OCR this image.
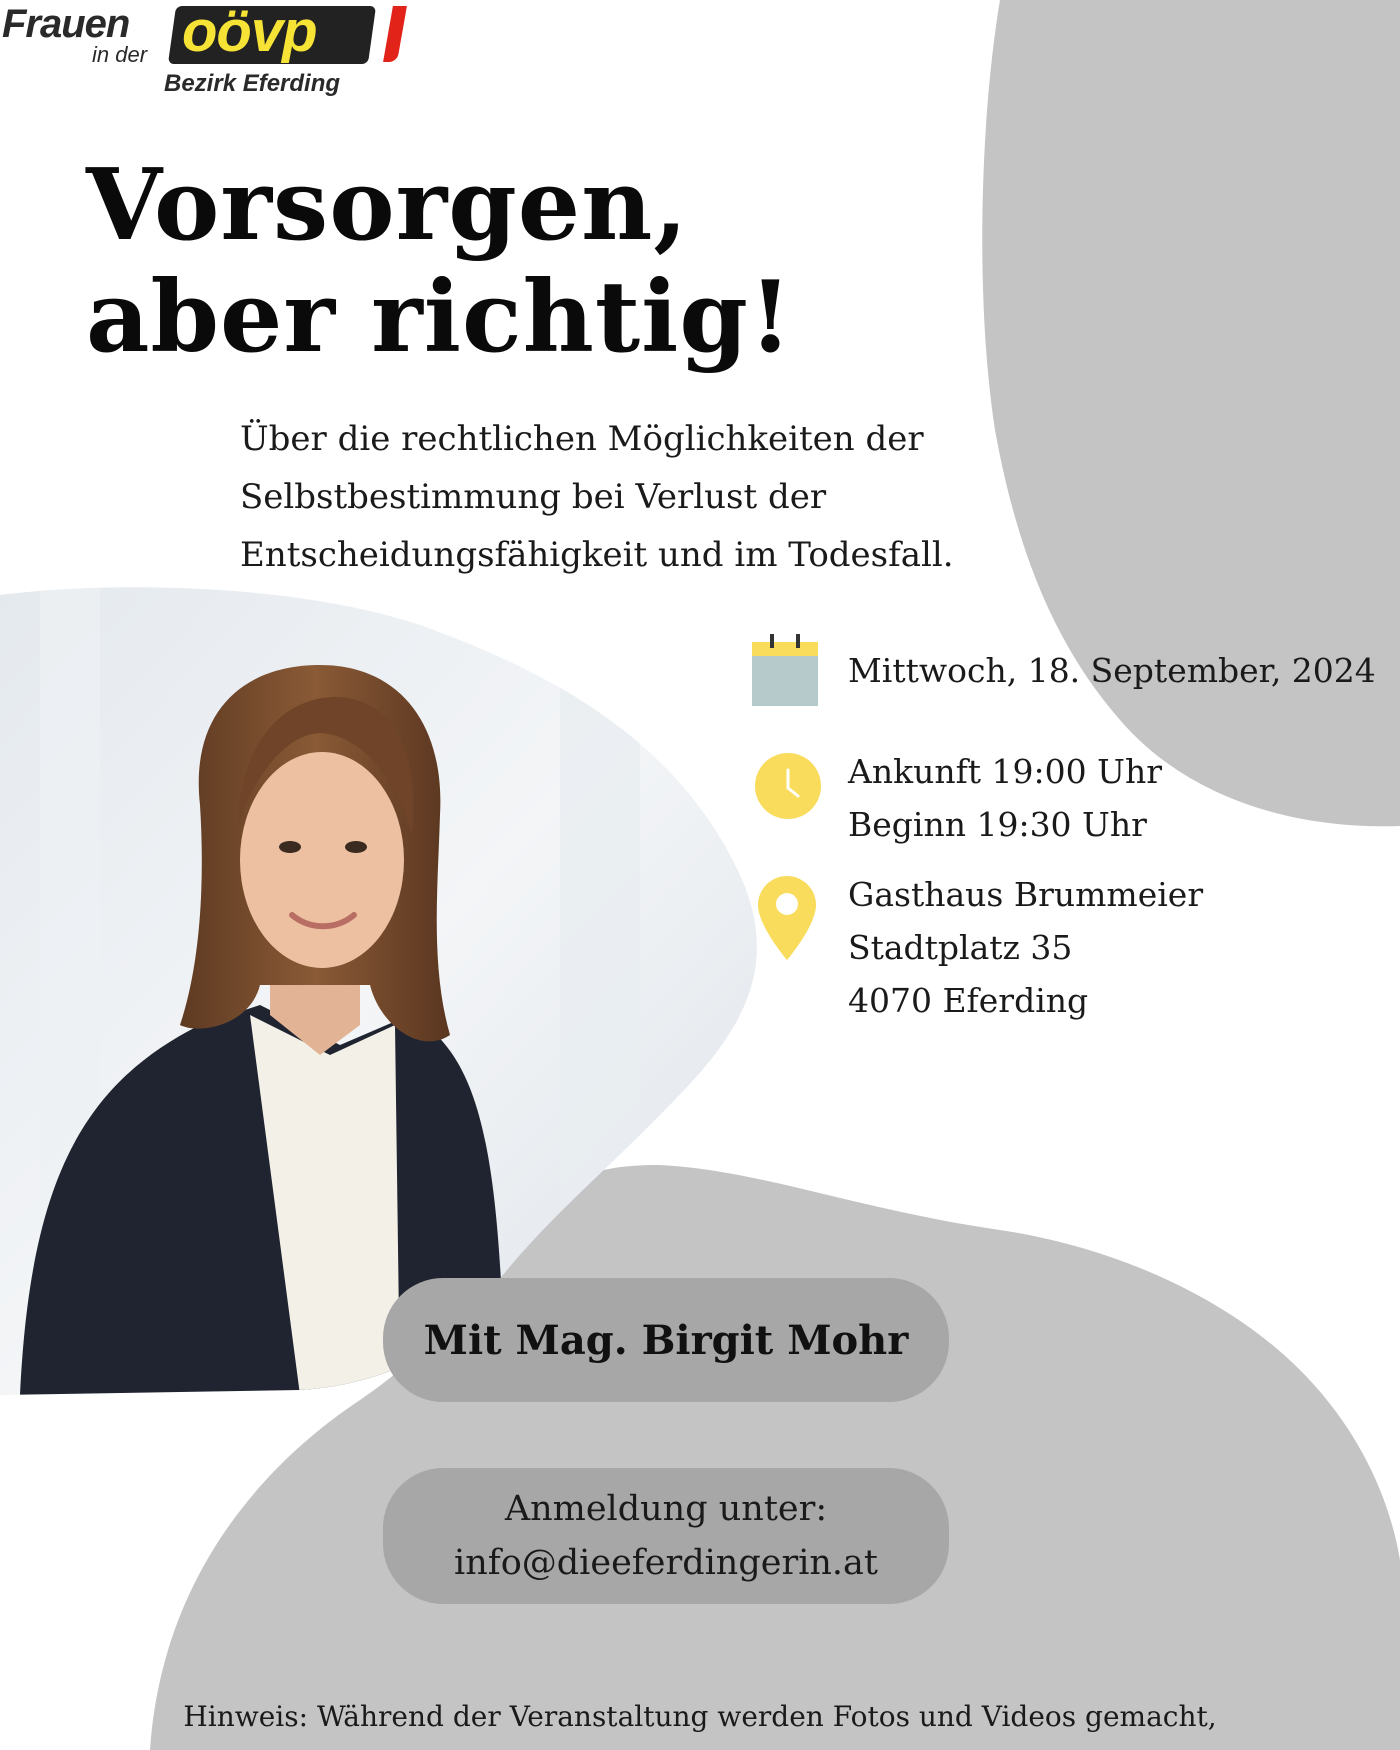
Frauen
in der oövp
Bezirk Eferding
Vorsorgen,
aber richtig!
Über die rechtlichen Möglichkeiten der
Selbstbestimmung bei Verlust der
Entscheidungsfähigkeit und im Todesfall.
Mittwoch, 18. September, 2024
Ankunft 19:00 Uhr
Beginn 19:30 Uhr
Gasthaus Brummeier
Stadtplatz 35
4070 Eferding
Mit Mag. Birgit Mohr
Anmeldung unter:
info@dieeferdingerin.at
Hinweis: Während der Veranstaltung werden Fotos und Videos gemacht,
